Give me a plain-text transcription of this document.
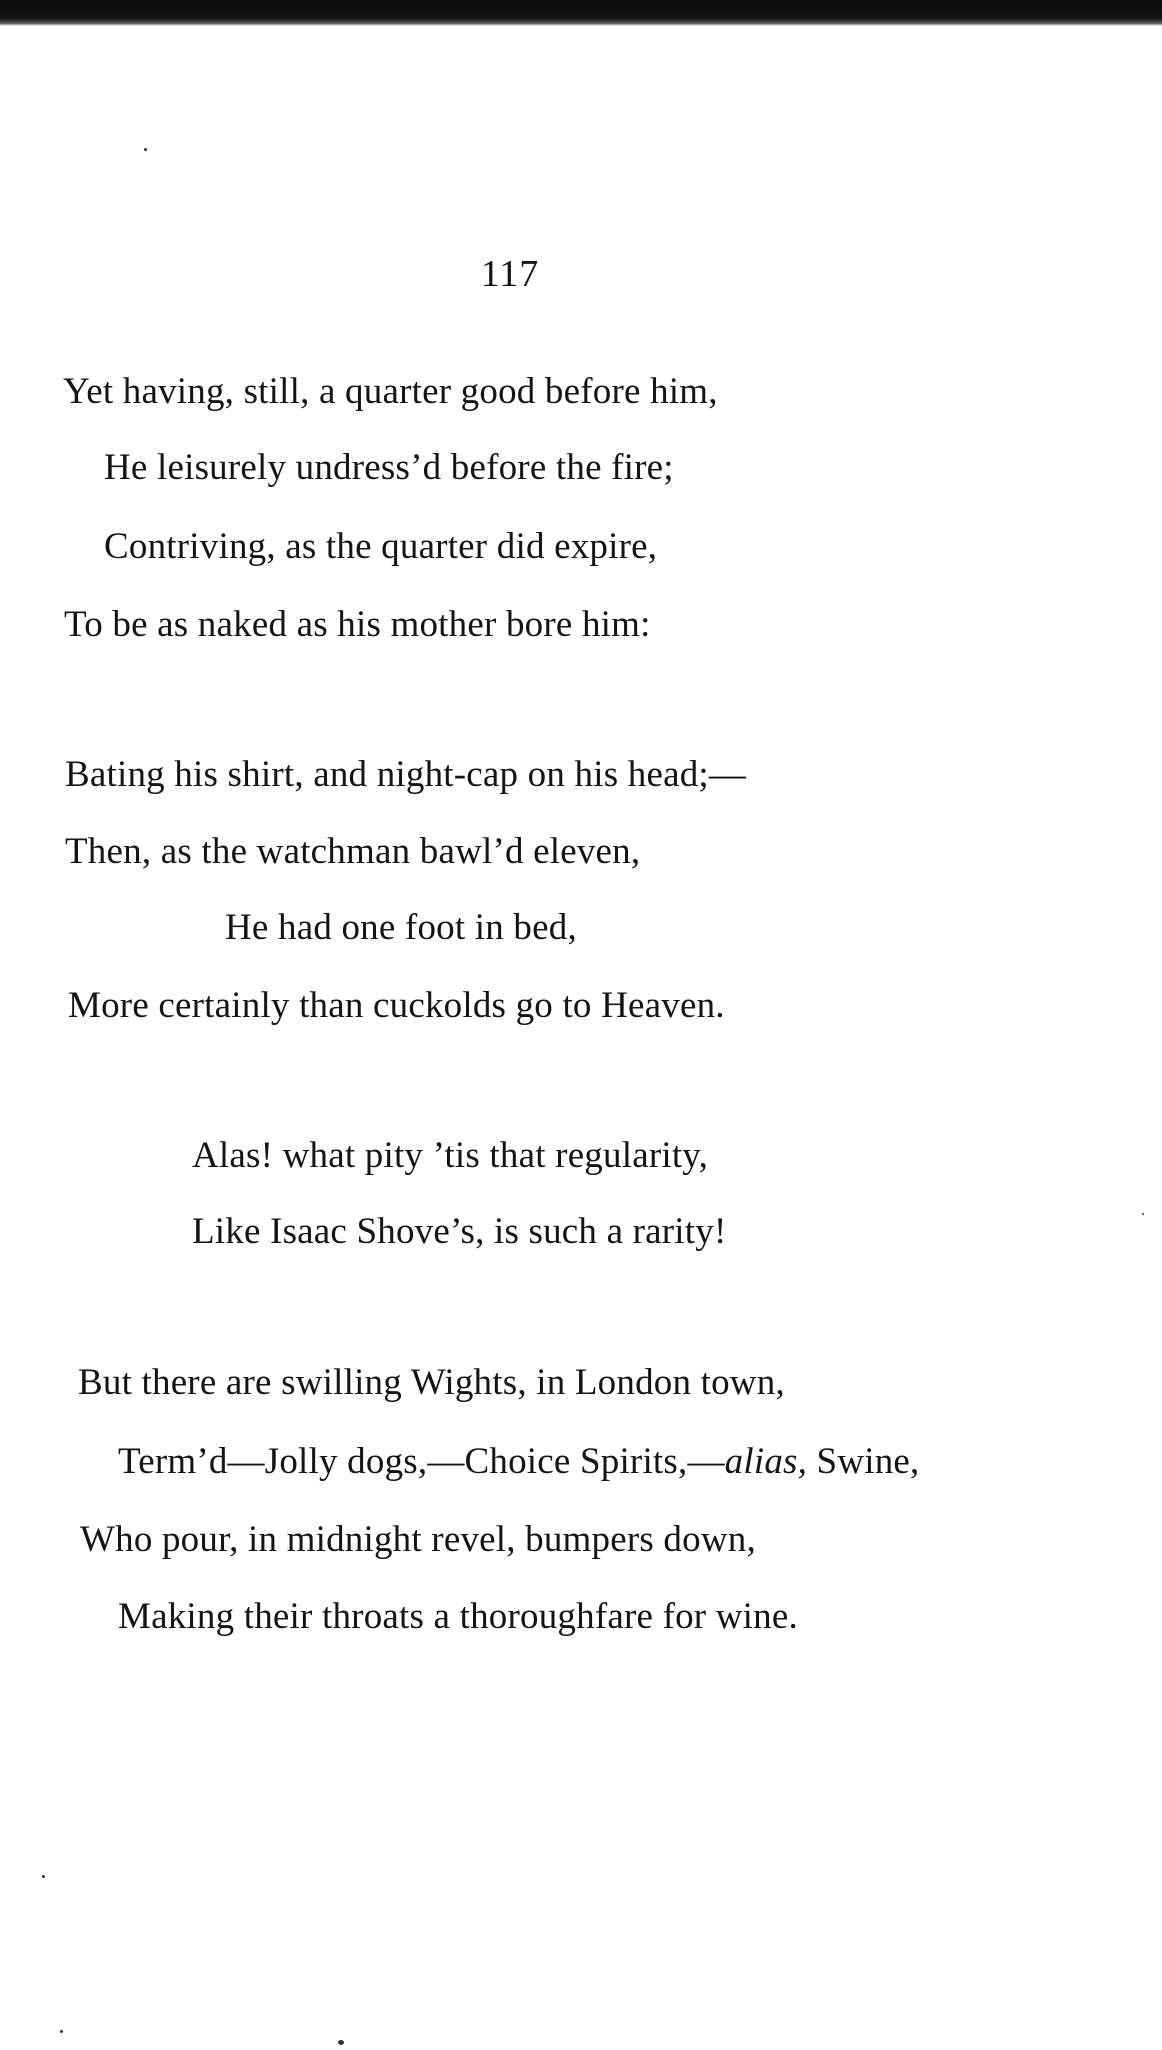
117
Yet having, still, a quarter good before him,
He leisurely undress’d before the fire;
Contriving, as the quarter did expire,
To be as naked as his mother bore him:
Bating his shirt, and night-cap on his head;—
Then, as the watchman bawl’d eleven,
He had one foot in bed,
More certainly than cuckolds go to Heaven.
Alas! what pity ’tis that regularity,
Like Isaac Shove’s, is such a rarity!
But there are swilling Wights, in London town,
Term’d—Jolly dogs,—Choice Spirits,—alias, Swine,
Who pour, in midnight revel, bumpers down,
Making their throats a thoroughfare for wine.
